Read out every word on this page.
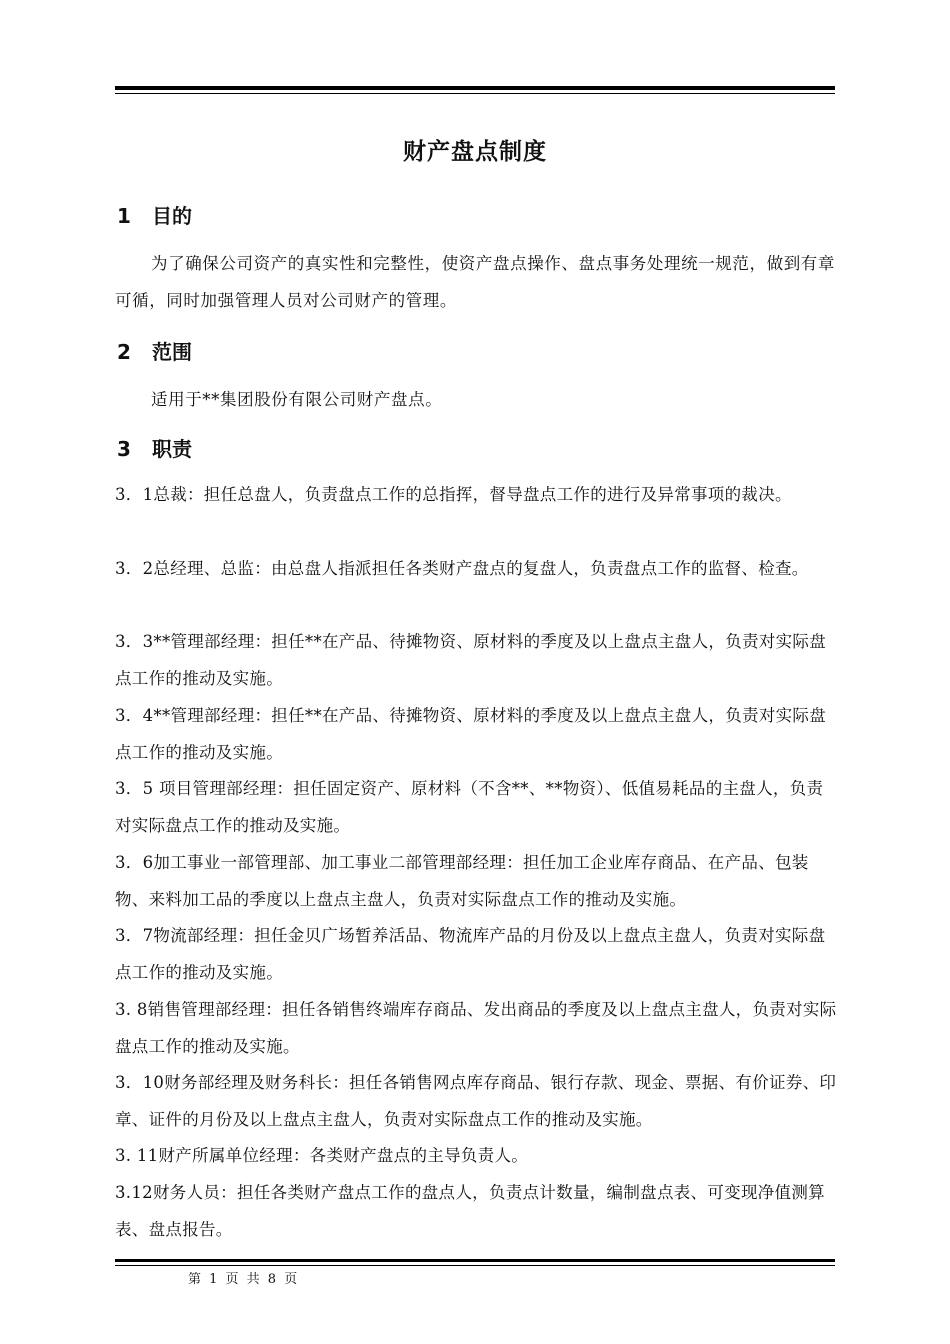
财产盘点制度
1 目的
为了确保公司资产的真实性和完整性，使资产盘点操作、盘点事务处理统一规范，做到有章可循，同时加强管理人员对公司财产的管理。
2 范围
适用于**集团股份有限公司财产盘点。
3 职责
3．1总裁：担任总盘人，负责盘点工作的总指挥，督导盘点工作的进行及异常事项的裁决。
3．2总经理、总监：由总盘人指派担任各类财产盘点的复盘人，负责盘点工作的监督、检查。
3．3**管理部经理：担任**在产品、待摊物资、原材料的季度及以上盘点主盘人，负责对实际盘点工作的推动及实施。
3．4**管理部经理：担任**在产品、待摊物资、原材料的季度及以上盘点主盘人，负责对实际盘点工作的推动及实施。
3．5 项目管理部经理：担任固定资产、原材料（不含**、**物资）、低值易耗品的主盘人，负责对实际盘点工作的推动及实施。
3．6加工事业一部管理部、加工事业二部管理部经理：担任加工企业库存商品、在产品、包装物、来料加工品的季度以上盘点主盘人，负责对实际盘点工作的推动及实施。
3．7物流部经理：担任金贝广场暂养活品、物流库产品的月份及以上盘点主盘人，负责对实际盘点工作的推动及实施。
3. 8销售管理部经理：担任各销售终端库存商品、发出商品的季度及以上盘点主盘人，负责对实际盘点工作的推动及实施。
3．10财务部经理及财务科长：担任各销售网点库存商品、银行存款、现金、票据、有价证券、印章、证件的月份及以上盘点主盘人，负责对实际盘点工作的推动及实施。
3. 11财产所属单位经理：各类财产盘点的主导负责人。
3.12财务人员：担任各类财产盘点工作的盘点人，负责点计数量，编制盘点表、可变现净值测算表、盘点报告。
第 1 页 共 8 页
